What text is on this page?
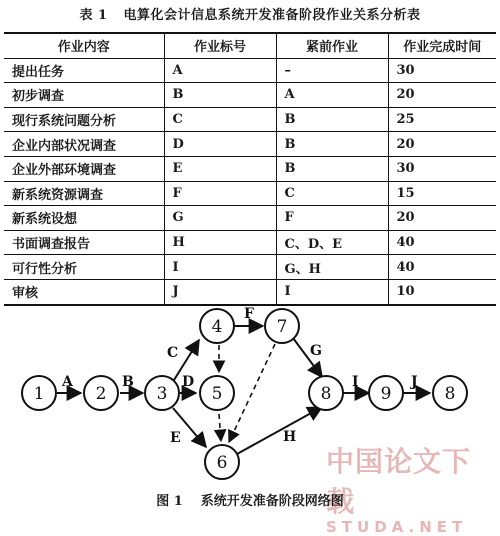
表 1 电算化会计信息系统开发准备阶段作业关系分析表
作业内容	作业标号	紧前作业	作业完成时间
提出任务	A	–	30
初步调查	B	A	20
现行系统问题分析	C	B	25
企业内部状况调查	D	B	20
企业外部环境调查	E	B	30
新系统资源调查	F	C	15
新系统设想	G	F	20
书面调查报告	H	C、D、E	40
可行性分析	I	G、H	40
审核	J	I	10
A	B
C
D
E
F
G
H
I	J
1	2	3
4
5
6
7
8	9	8
中国论文下载
STUDA.NET
图 1 系统开发准备阶段网络图
